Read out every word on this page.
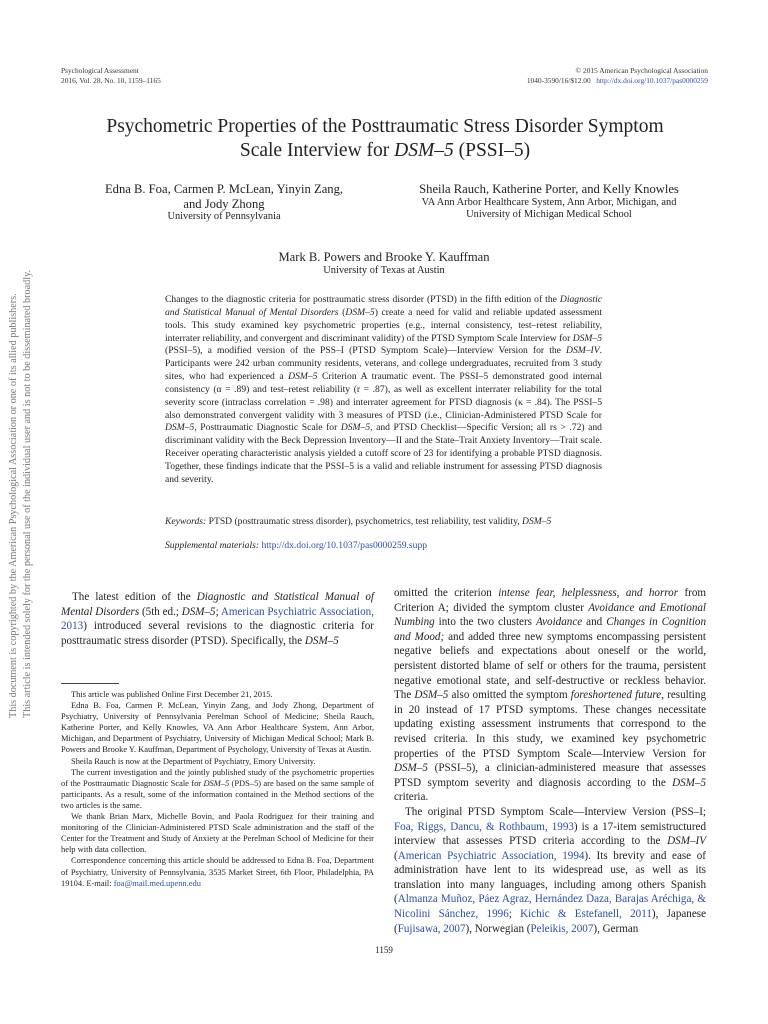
Psychological Assessment
2016, Vol. 28, No. 10, 1159–1165
© 2015 American Psychological Association
1040-3590/16/$12.00 http://dx.doi.org/10.1037/pas0000259
Psychometric Properties of the Posttraumatic Stress Disorder Symptom
Scale Interview for DSM–5 (PSSI–5)
Edna B. Foa, Carmen P. McLean, Yinyin Zang,
and Jody Zhong
University of Pennsylvania
Sheila Rauch, Katherine Porter, and Kelly Knowles
VA Ann Arbor Healthcare System, Ann Arbor, Michigan, and
University of Michigan Medical School
Mark B. Powers and Brooke Y. Kauffman
University of Texas at Austin
Changes to the diagnostic criteria for posttraumatic stress disorder (PTSD) in the fifth edition of the Diagnostic and Statistical Manual of Mental Disorders (DSM–5) create a need for valid and reliable updated assessment tools. This study examined key psychometric properties (e.g., internal consistency, test–retest reliability, interrater reliability, and convergent and discriminant validity) of the PTSD Symptom Scale Interview for DSM–5 (PSSI–5), a modified version of the PSS–I (PTSD Symptom Scale)—Interview Version for the DSM–IV. Participants were 242 urban community residents, veterans, and college undergraduates, recruited from 3 study sites, who had experienced a DSM–5 Criterion A traumatic event. The PSSI–5 demonstrated good internal consistency (α = .89) and test–retest reliability (r = .87), as well as excellent interrater reliability for the total severity score (intraclass correlation = .98) and interrater agreement for PTSD diagnosis (κ = .84). The PSSI–5 also demonstrated convergent validity with 3 measures of PTSD (i.e., Clinician-Administered PTSD Scale for DSM–5, Posttraumatic Diagnostic Scale for DSM–5, and PTSD Checklist—Specific Version; all rs > .72) and discriminant validity with the Beck Depression Inventory—II and the State–Trait Anxiety Inventory—Trait scale. Receiver operating characteristic analysis yielded a cutoff score of 23 for identifying a probable PTSD diagnosis. Together, these findings indicate that the PSSI–5 is a valid and reliable instrument for assessing PTSD diagnosis and severity.
Keywords: PTSD (posttraumatic stress disorder), psychometrics, test reliability, test validity, DSM–5
Supplemental materials: http://dx.doi.org/10.1037/pas0000259.supp

The latest edition of the Diagnostic and Statistical Manual of Mental Disorders (5th ed.; DSM–5; American Psychiatric Association, 2013) introduced several revisions to the diagnostic criteria for posttraumatic stress disorder (PTSD). Specifically, the DSM–5

This article was published Online First December 21, 2015.

Edna B. Foa, Carmen P. McLean, Yinyin Zang, and Jody Zhong, Department of Psychiatry, University of Pennsylvania Perelman School of Medicine; Sheila Rauch, Katherine Porter, and Kelly Knowles, VA Ann Arbor Healthcare System, Ann Arbor, Michigan, and Department of Psychiatry, University of Michigan Medical School; Mark B. Powers and Brooke Y. Kauffman, Department of Psychology, University of Texas at Austin.

Sheila Rauch is now at the Department of Psychiatry, Emory University.

The current investigation and the jointly published study of the psychometric properties of the Posttraumatic Diagnostic Scale for DSM–5 (PDS–5) are based on the same sample of participants. As a result, some of the information contained in the Method sections of the two articles is the same.

We thank Brian Marx, Michelle Bovin, and Paola Rodriguez for their training and monitoring of the Clinician-Administered PTSD Scale administration and the staff of the Center for the Treatment and Study of Anxiety at the Perelman School of Medicine for their help with data collection.

Correspondence concerning this article should be addressed to Edna B. Foa, Department of Psychiatry, University of Pennsylvania, 3535 Market Street, 6th Floor, Philadelphia, PA 19104. E-mail: foa@mail.med.upenn.edu

omitted the criterion intense fear, helplessness, and horror from Criterion A; divided the symptom cluster Avoidance and Emotional Numbing into the two clusters Avoidance and Changes in Cognition and Mood; and added three new symptoms encompassing persistent negative beliefs and expectations about oneself or the world, persistent distorted blame of self or others for the trauma, persistent negative emotional state, and self-destructive or reckless behavior. The DSM–5 also omitted the symptom foreshortened future, resulting in 20 instead of 17 PTSD symptoms. These changes necessitate updating existing assessment instruments that correspond to the revised criteria. In this study, we examined key psychometric properties of the PTSD Symptom Scale—Interview Version for DSM–5 (PSSI–5), a clinician-administered measure that assesses PTSD symptom severity and diagnosis according to the DSM–5 criteria.

The original PTSD Symptom Scale—Interview Version (PSS–I; Foa, Riggs, Dancu, & Rothbaum, 1993) is a 17-item semistructured interview that assesses PTSD criteria according to the DSM–IV (American Psychiatric Association, 1994). Its brevity and ease of administration have lent to its widespread use, as well as its translation into many languages, including among others Spanish (Almanza Muñoz, Páez Agraz, Hernández Daza, Barajas Aréchiga, & Nicolini Sánchez, 1996; Kichic & Estefanell, 2011), Japanese (Fujisawa, 2007), Norwegian (Peleikis, 2007), German

This document is copyrighted by the American Psychological Association or one of its allied publishers. This article is intended solely for the personal use of the individual user and is not to be disseminated broadly.
1159
